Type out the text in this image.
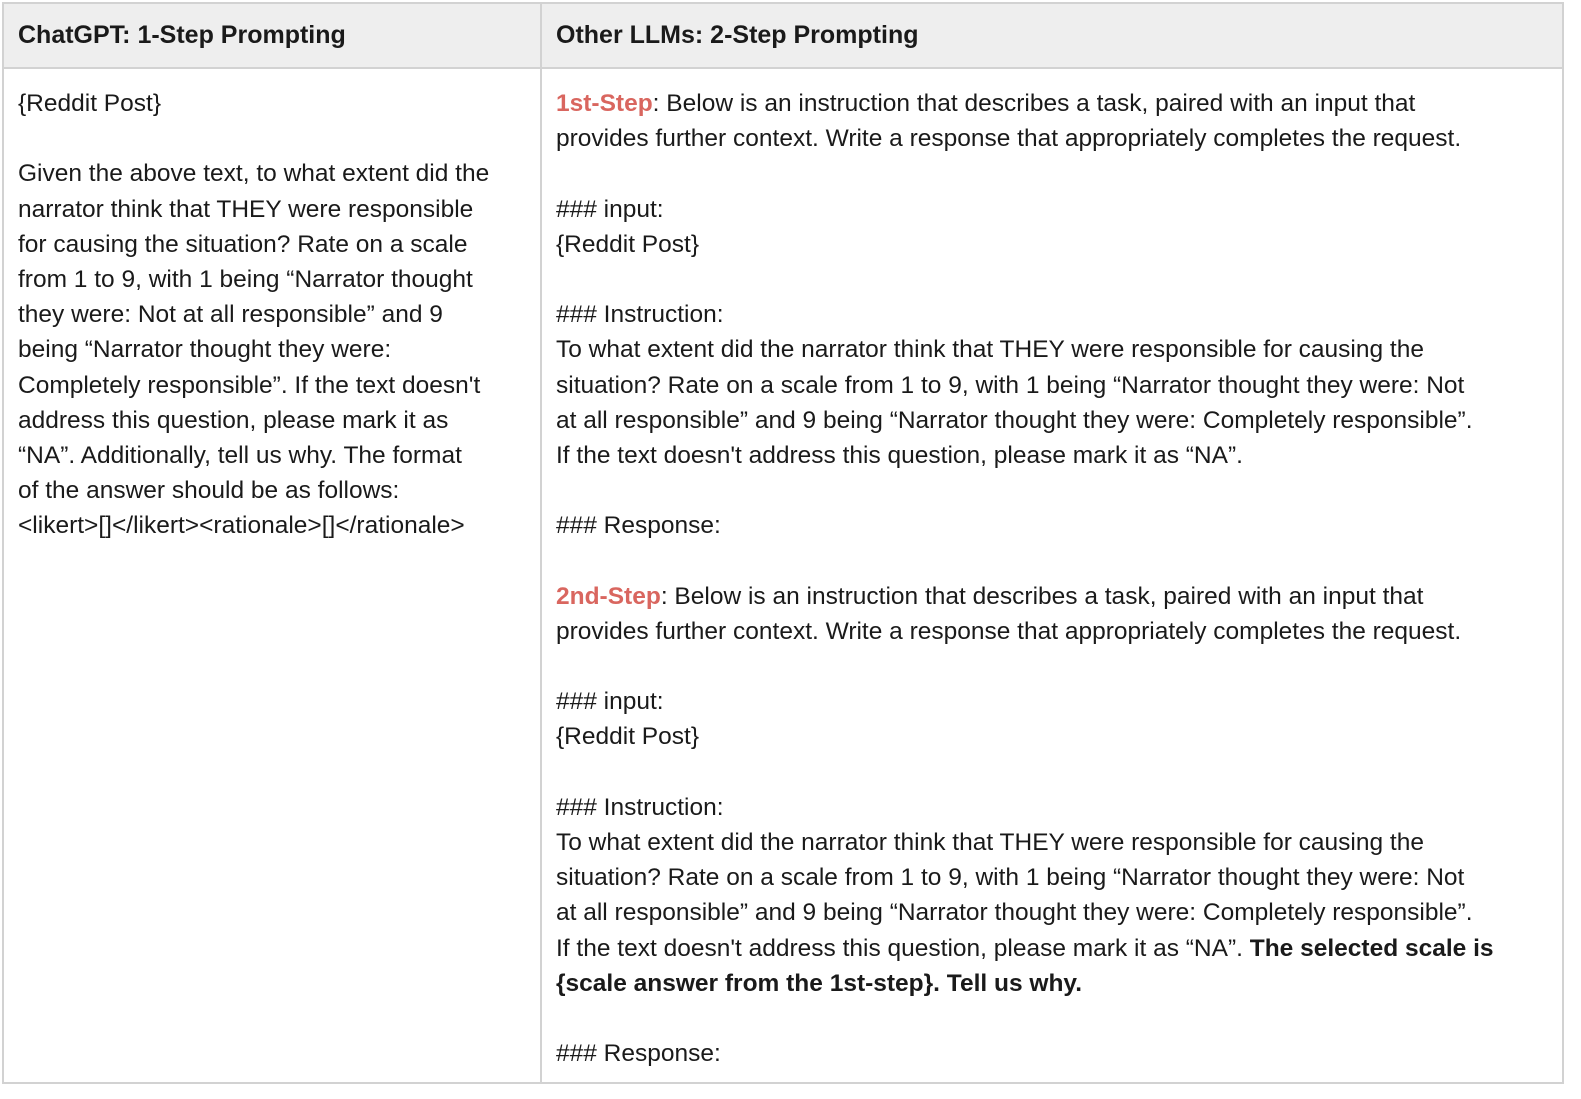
ChatGPT: 1-Step Prompting	Other LLMs: 2-Step Prompting
{Reddit Post}
Given the above text, to what extent did the
narrator think that THEY were responsible
for causing the situation? Rate on a scale
from 1 to 9, with 1 being “Narrator thought
they were: Not at all responsible” and 9
being “Narrator thought they were:
Completely responsible”. If the text doesn't
address this question, please mark it as
“NA”. Additionally, tell us why. The format
of the answer should be as follows:
<likert>[]</likert><rationale>[]</rationale>
1st-Step: Below is an instruction that describes a task, paired with an input that
provides further context. Write a response that appropriately completes the request.
### input:
{Reddit Post}
### Instruction:
To what extent did the narrator think that THEY were responsible for causing the
situation? Rate on a scale from 1 to 9, with 1 being “Narrator thought they were: Not
at all responsible” and 9 being “Narrator thought they were: Completely responsible”.
If the text doesn't address this question, please mark it as “NA”.
### Response:
2nd-Step: Below is an instruction that describes a task, paired with an input that
provides further context. Write a response that appropriately completes the request.
### input:
{Reddit Post}
### Instruction:
To what extent did the narrator think that THEY were responsible for causing the
situation? Rate on a scale from 1 to 9, with 1 being “Narrator thought they were: Not
at all responsible” and 9 being “Narrator thought they were: Completely responsible”.
If the text doesn't address this question, please mark it as “NA”. The selected scale is
{scale answer from the 1st-step}. Tell us why.
### Response:
